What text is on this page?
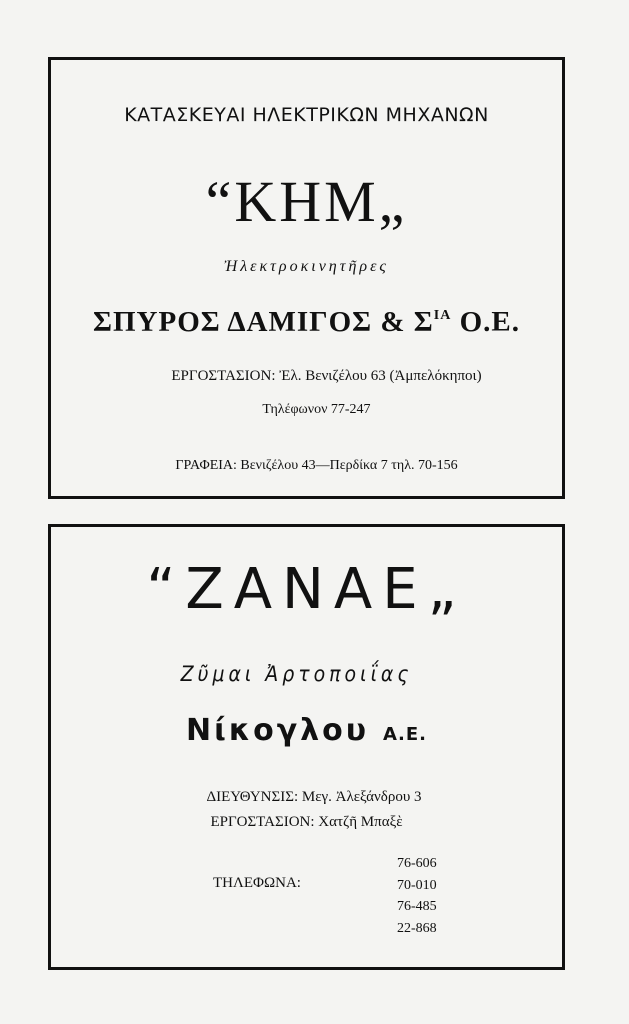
ΚΑΤΑΣΚΕΥΑΙ ΗΛΕΚΤΡΙΚΩΝ ΜΗΧΑΝΩΝ
“ΚΗΜ„
Ἠλεκτροκινητῆρες
ΣΠΥΡΟΣ ΔΑΜΙΓΟΣ & $\Sigma^{IA}$ Ο.Ε.
ΕΡΓΟΣΤΑΣΙΟΝ: Ἐλ. Βενιζέλου 63 (Ἀμπελόκηποι)
Τηλέφωνον 77-247
ΓΡΑΦΕΙΑ: Βενιζέλου 43—Περδίκα 7 τηλ. 70-156
“ΖΑΝΑΕ„
Ζῦμαι Ἀρτοποιΐας
Νίκογλου Α.Ε.
ΔΙΕΥΘΥΝΣΙΣ: Μεγ. Ἀλεξάνδρου 3
ΕΡΓΟΣΤΑΣΙΟΝ: Χατζῆ Μπαξὲ
ΤΗΛΕΦΩΝΑ:
76-606
70-010
76-485
22-868
